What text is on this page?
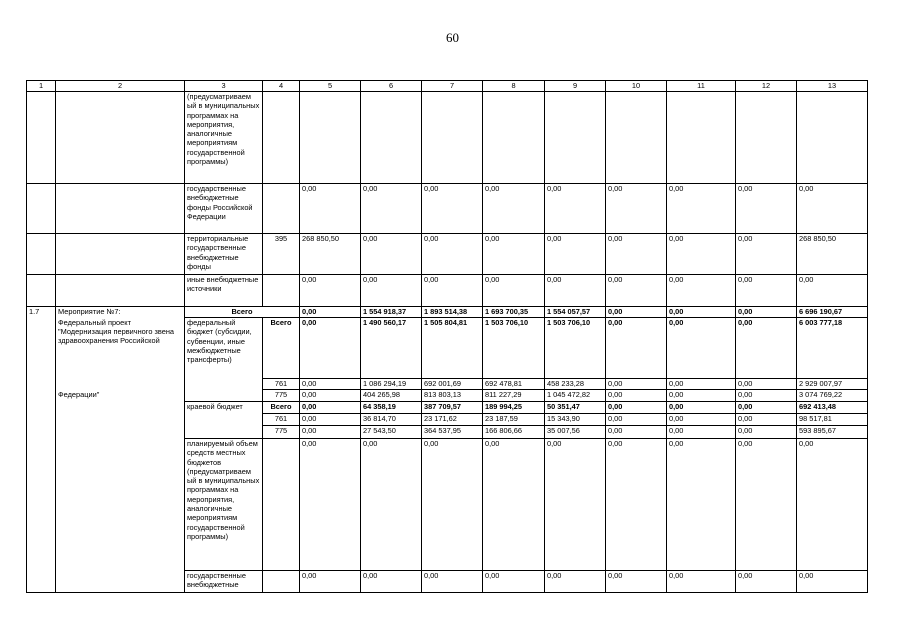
60
1	2	3	4	5	6	7	8	9	10	11	12	13
		(предусматриваем ый в муниципальных программах на мероприятия, аналогичные мероприятиям государственной программы)										
		государственные внебюджетные фонды Российской Федерации		0,00	0,00	0,00	0,00	0,00	0,00	0,00	0,00	0,00
		территориальные государственные внебюджетные фонды	395	268 850,50	0,00	0,00	0,00	0,00	0,00	0,00	0,00	268 850,50
		иные внебюджетные источники		0,00	0,00	0,00	0,00	0,00	0,00	0,00	0,00	0,00
1.7	Мероприятие №7:	Всего		0,00	1 554 918,37	1 893 514,38	1 693 700,35	1 554 057,57	0,00	0,00	0,00	6 696 190,67
	Федеральный проект "Модернизация первичного звена здравоохранения Российской	федеральный бюджет (субсидии, субвенции, иные межбюджетные трансферты)	Всего	0,00	1 490 560,17	1 505 804,81	1 503 706,10	1 503 706,10	0,00	0,00	0,00	6 003 777,18
			761	0,00	1 086 294,19	692 001,69	692 478,81	458 233,28	0,00	0,00	0,00	2 929 007,97
	Федерации"		775	0,00	404 265,98	813 803,13	811 227,29	1 045 472,82	0,00	0,00	0,00	3 074 769,22
		краевой бюджет	Всего	0,00	64 358,19	387 709,57	189 994,25	50 351,47	0,00	0,00	0,00	692 413,48
			761	0,00	36 814,70	23 171,62	23 187,59	15 343,90	0,00	0,00	0,00	98 517,81
			775	0,00	27 543,50	364 537,95	166 806,66	35 007,56	0,00	0,00	0,00	593 895,67
		планируемый объем средств местных бюджетов (предусматриваем ый в муниципальных программах на мероприятия, аналогичные мероприятиям государственной программы)		0,00	0,00	0,00	0,00	0,00	0,00	0,00	0,00	0,00
		государственные внебюджетные		0,00	0,00	0,00	0,00	0,00	0,00	0,00	0,00	0,00
